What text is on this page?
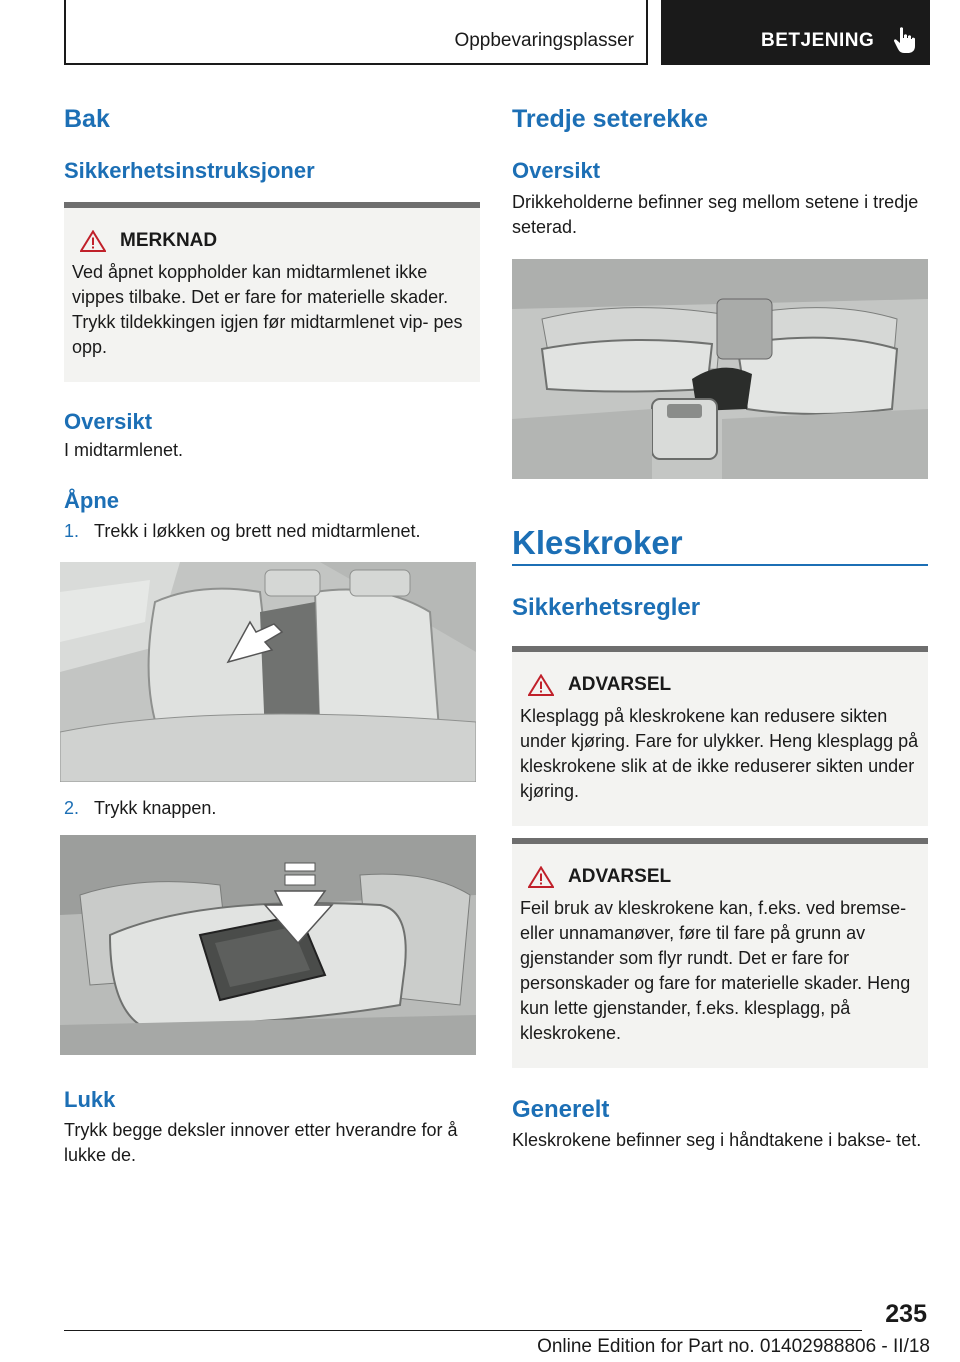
Oppbevaringsplasser	BETJENING
Bak
Sikkerhetsinstruksjoner
MERKNAD

Ved åpnet koppholder kan midtarmlenet ikke vippes tilbake. Det er fare for materielle skader. Trykk tildekkingen igjen før midtarmlenet vip- pes opp.

Oversikt

I midtarmlenet.

Åpne
1. Trekk i løkken og brett ned midtarmlenet.
2. Trykk knappen.
Lukk

Trykk begge deksler innover etter hverandre for å lukke de.

Tredje seterekke
Oversikt

Drikkeholderne befinner seg mellom setene i tredje seterad.

Kleskroker
Sikkerhetsregler
ADVARSEL

Klesplagg på kleskrokene kan redusere sikten under kjøring. Fare for ulykker. Heng klesplagg på kleskrokene slik at de ikke reduserer sikten under kjøring.

ADVARSEL

Feil bruk av kleskrokene kan, f.eks. ved bremse- eller unnamanøver, føre til fare på grunn av gjenstander som flyr rundt. Det er fare for personskader og fare for materielle skader. Heng kun lette gjenstander, f.eks. klesplagg, på kleskrokene.

Generelt

Kleskrokene befinner seg i håndtakene i bakse- tet.

235
Online Edition for Part no. 01402988806 - II/18
